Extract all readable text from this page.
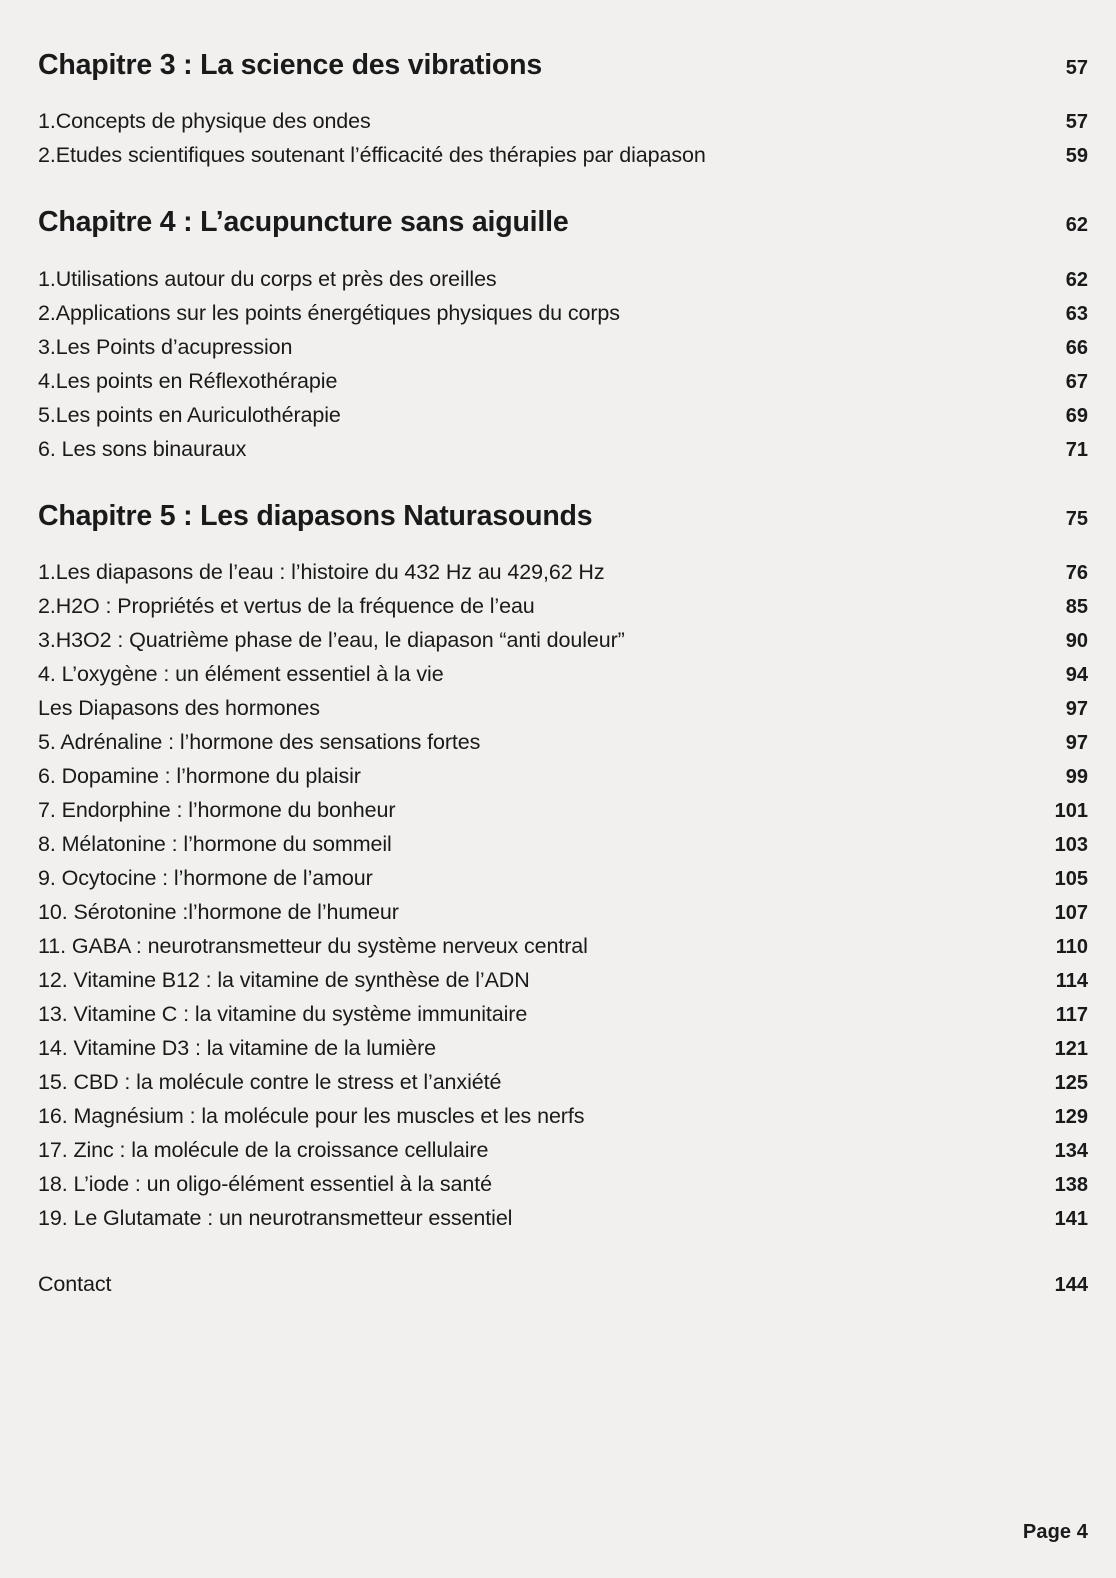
Chapitre 3 : La science des vibrations	57
1.Concepts de physique des ondes	57
2.Etudes scientifiques soutenant l’éfficacité des thérapies par diapason	59
Chapitre 4 : L’acupuncture sans aiguille	62
1.Utilisations autour du corps et près des oreilles	62
2.Applications sur les points énergétiques physiques du corps	63
3.Les Points d’acupression	66
4.Les points en Réflexothérapie	67
5.Les points en Auriculothérapie	69
6. Les sons binauraux	71
Chapitre 5 : Les diapasons Naturasounds	75
1.Les diapasons de l’eau : l’histoire du 432 Hz au 429,62 Hz	76
2.H2O : Propriétés et vertus de la fréquence de l’eau	85
3.H3O2 : Quatrième phase de l’eau, le diapason “anti douleur”	90
4. L’oxygène : un élément essentiel à la vie	94
Les Diapasons des hormones	97
5. Adrénaline : l’hormone des sensations fortes	97
6. Dopamine : l’hormone du plaisir	99
7. Endorphine : l’hormone du bonheur	101
8. Mélatonine : l’hormone du sommeil	103
9. Ocytocine : l’hormone de l’amour	105
10. Sérotonine :l’hormone de l’humeur	107
11. GABA : neurotransmetteur du système nerveux central	110
12. Vitamine B12 : la vitamine de synthèse de l’ADN	114
13. Vitamine C : la vitamine du système immunitaire	117
14. Vitamine D3 : la vitamine de la lumière	121
15. CBD : la molécule contre le stress et l’anxiété	125
16. Magnésium : la molécule pour les muscles et les nerfs	129
17. Zinc : la molécule de la croissance cellulaire	134
18. L’iode : un oligo-élément essentiel à la santé	138
19. Le Glutamate : un neurotransmetteur essentiel	141
Contact	144
Page 4
